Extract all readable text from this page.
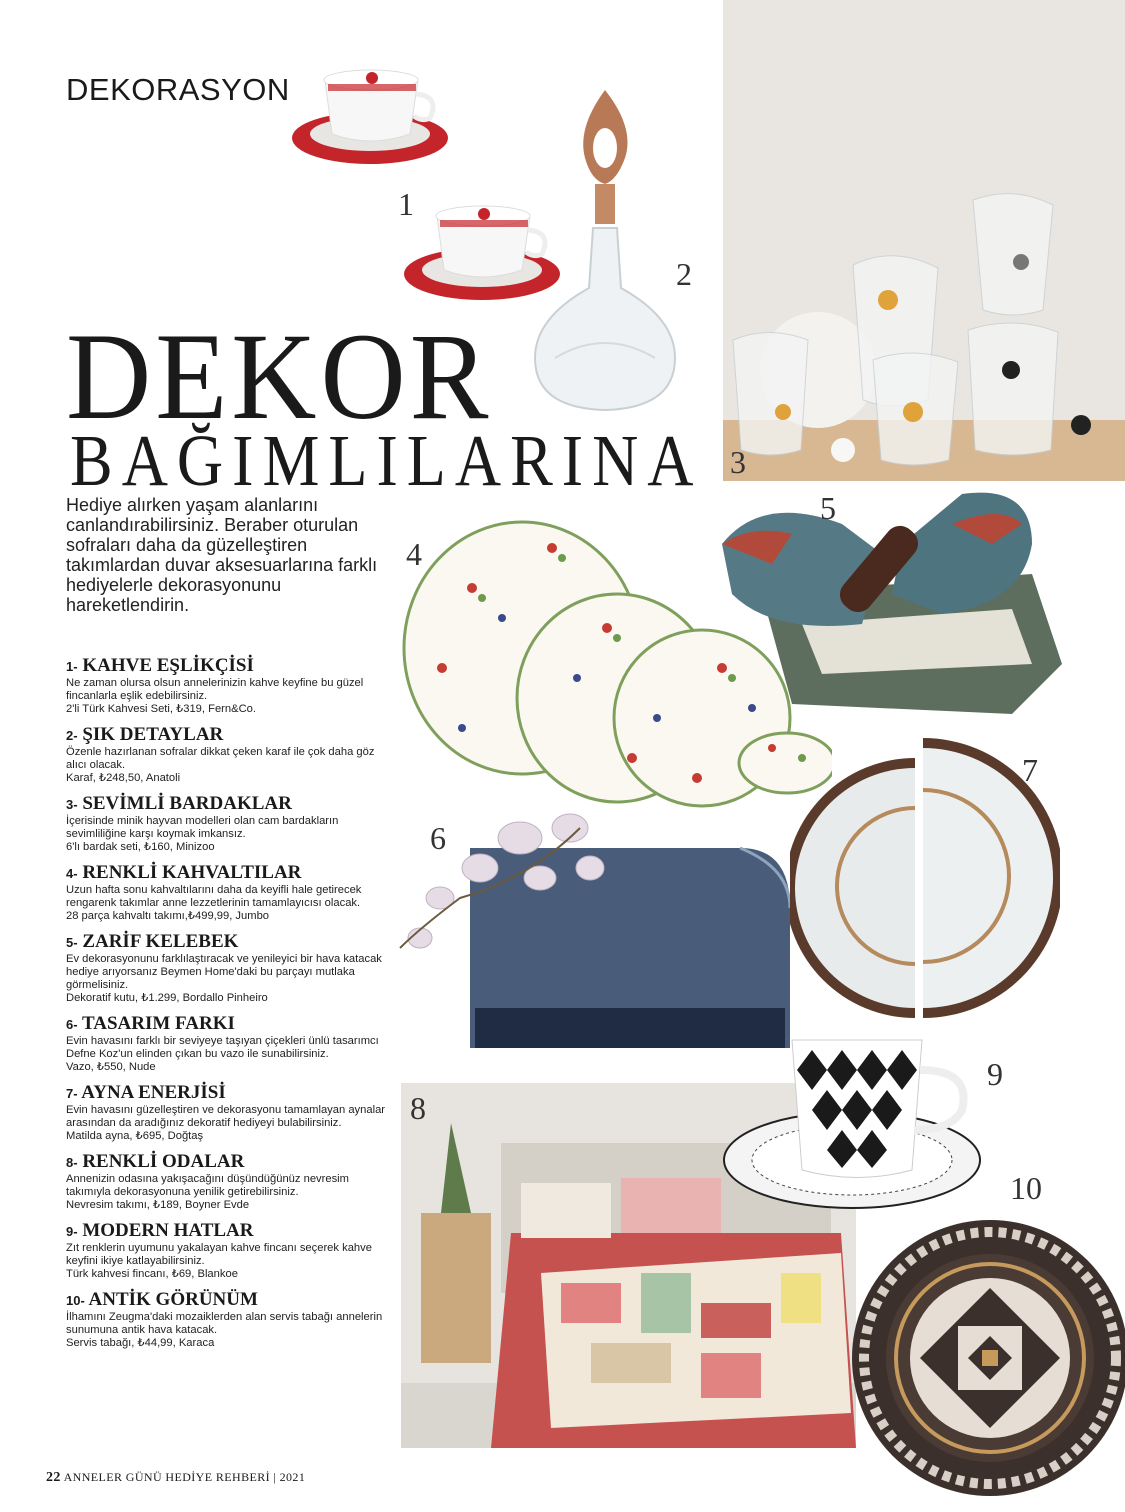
DEKORASYON
1
2
3
DEKOR
BAĞIMLILARINA
Hediye alırken yaşam alanlarını canlandırabilirsiniz. Beraber oturulan sofraları daha da güzelleştiren takımlardan duvar aksesuarlarına farklı hediyelerle dekorasyonunu hareketlendirin.
1- KAHVE EŞLİKÇİSİ
Ne zaman olursa olsun annelerinizin kahve keyfine bu güzel fincanlarla eşlik edebilirsiniz.
2'li Türk Kahvesi Seti, ₺319, Fern&Co.
2- ŞIK DETAYLAR
Özenle hazırlanan sofralar dikkat çeken karaf ile çok daha göz alıcı olacak.
Karaf, ₺248,50, Anatoli
3- SEVİMLİ BARDAKLAR
İçerisinde minik hayvan modelleri olan cam bardakların sevimliliğine karşı koymak imkansız.
6'lı bardak seti, ₺160, Minizoo
4- RENKLİ KAHVALTILAR
Uzun hafta sonu kahvaltılarını daha da keyifli hale getirecek rengarenk takımlar anne lezzetlerinin tamamlayıcısı olacak.
28 parça kahvaltı takımı,₺499,99, Jumbo
5- ZARİF KELEBEK
Ev dekorasyonunu farklılaştıracak ve yenileyici bir hava katacak hediye arıyorsanız Beymen Home'daki bu parçayı mutlaka görmelisiniz.
Dekoratif kutu, ₺1.299, Bordallo Pinheiro
6- TASARIM FARKI
Evin havasını farklı bir seviyeye taşıyan çiçekleri ünlü tasarımcı Defne Koz'un elinden çıkan bu vazo ile sunabilirsiniz.
Vazo, ₺550, Nude
7- AYNA ENERJİSİ
Evin havasını güzelleştiren ve dekorasyonu tamamlayan aynalar arasından da aradığınız dekoratif hediyeyi bulabilirsiniz.
Matilda ayna, ₺695, Doğtaş
8- RENKLİ ODALAR
Annenizin odasına yakışacağını düşündüğünüz nevresim takımıyla dekorasyonuna yenilik getirebilirsiniz.
Nevresim takımı, ₺189, Boyner Evde
9- MODERN HATLAR
Zıt renklerin uyumunu yakalayan kahve fincanı seçerek kahve keyfini ikiye katlayabilirsiniz.
Türk kahvesi fincanı, ₺69, Blankoe
10- ANTİK GÖRÜNÜM
İlhamını Zeugma'daki mozaiklerden alan servis tabağı annelerin sunumuna antik hava katacak.
Servis tabağı, ₺44,99, Karaca
4
5
6
7
8
9
10
22 ANNELER GÜNÜ HEDİYE REHBERİ | 2021
